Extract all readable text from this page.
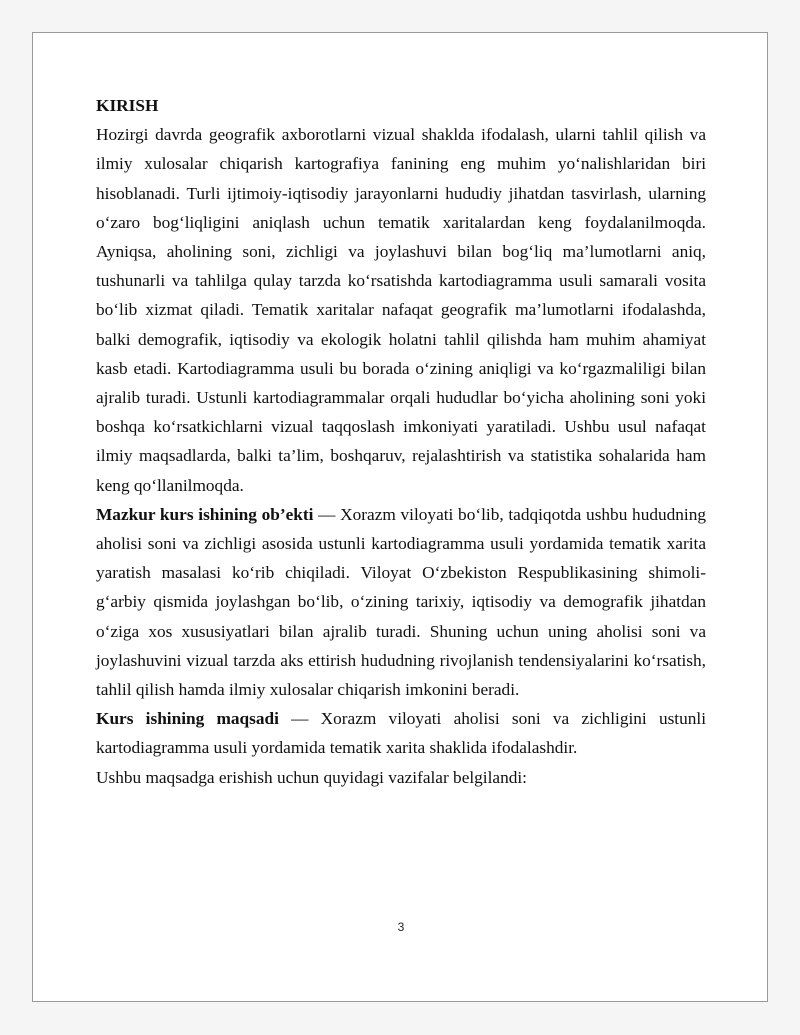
KIRISH

Hozirgi davrda geografik axborotlarni vizual shaklda ifodalash, ularni tahlil qilish va ilmiy xulosalar chiqarish kartografiya fanining eng muhim yo‘nalishlaridan biri hisoblanadi. Turli ijtimoiy-iqtisodiy jarayonlarni hududiy jihatdan tasvirlash, ularning o‘zaro bog‘liqligini aniqlash uchun tematik xaritalardan keng foydalanilmoqda. Ayniqsa, aholining soni, zichligi va joylashuvi bilan bog‘liq ma’lumotlarni aniq, tushunarli va tahlilga qulay tarzda ko‘rsatishda kartodiagramma usuli samarali vosita bo‘lib xizmat qiladi. Tematik xaritalar nafaqat geografik ma’lumotlarni ifodalashda, balki demografik, iqtisodiy va ekologik holatni tahlil qilishda ham muhim ahamiyat kasb etadi. Kartodiagramma usuli bu borada o‘zining aniqligi va ko‘rgazmaliligi bilan ajralib turadi. Ustunli kartodiagrammalar orqali hududlar bo‘yicha aholining soni yoki boshqa ko‘rsatkichlarni vizual taqqoslash imkoniyati yaratiladi. Ushbu usul nafaqat ilmiy maqsadlarda, balki ta’lim, boshqaruv, rejalashtirish va statistika sohalarida ham keng qo‘llanilmoqda.

Mazkur kurs ishining ob’ekti — Xorazm viloyati bo‘lib, tadqiqotda ushbu hududning aholisi soni va zichligi asosida ustunli kartodiagramma usuli yordamida tematik xarita yaratish masalasi ko‘rib chiqiladi. Viloyat O‘zbekiston Respublikasining shimoli-g‘arbiy qismida joylashgan bo‘lib, o‘zining tarixiy, iqtisodiy va demografik jihatdan o‘ziga xos xususiyatlari bilan ajralib turadi. Shuning uchun uning aholisi soni va joylashuvini vizual tarzda aks ettirish hududning rivojlanish tendensiyalarini ko‘rsatish, tahlil qilish hamda ilmiy xulosalar chiqarish imkonini beradi.

Kurs ishining maqsadi — Xorazm viloyati aholisi soni va zichligini ustunli kartodiagramma usuli yordamida tematik xarita shaklida ifodalashdir.

Ushbu maqsadga erishish uchun quyidagi vazifalar belgilandi:

3
